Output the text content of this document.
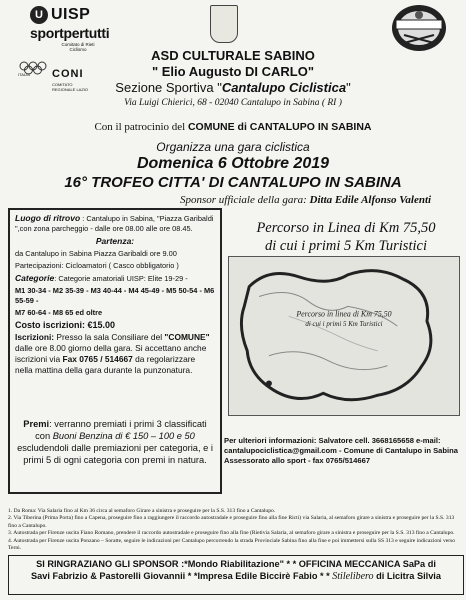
U UISP
sportpertutti
Comitato di Rieti Ciclismo
ITALIA CONI
COMITATO REGIONALE LAZIO
ASD CULTURALE SABINO
" Elio Augusto DI CARLO"
Sezione Sportiva "Cantalupo Ciclistica"
Via Luigi Chierici, 68 - 02040 Cantalupo in Sabina ( RI )
Con il patrocinio del COMUNE di CANTALUPO IN SABINA
Organizza una gara ciclistica
Domenica 6 Ottobre 2019
16° TROFEO CITTA' DI CANTALUPO IN SABINA
Sponsor ufficiale della gara: Ditta Edile Alfonso Valenti

Luogo di ritrovo : Cantalupo in Sabina, "Piazza Garibaldi ",con zona parcheggio - dalle ore 08.00 alle ore 08.45.

Partenza:

da Cantalupo in Sabina Piazza Garibaldi ore 9.00

Partecipazioni: Cicloamatori ( Casco obbligatorio )

Categorie: Categorie amatoriali UISP: Elite 19-29 -

M1 30-34 - M2 35-39 - M3 40-44 - M4 45-49 - M5 50-54 - M6 55-59 -

M7 60-64 - M8 65 ed oltre

Costo iscrizioni: €15.00

Iscrizioni: Presso la sala Consiliare del "COMUNE" dalle ore 8.00 giorno della gara. Si accettano anche iscrizioni via Fax 0765 / 514667 da regolarizzare nella mattina della gara durante la punzonatura.

Premi: verranno premiati i primi 3 classificati con Buoni Benzina di € 150 – 100 e 50 escludendoli dalle premiazioni per categoria, e i primi 5 di ogni categoria con premi in natura.
Percorso in Linea di Km 75,50
di cui i primi 5 Km Turistici
Percorso in linea di Km 75,50
di cui i primi 5 Km Turistici
Per ulteriori informazioni: Salvatore cell. 3668165658 e-mail: cantalupociclistica@gmail.com - Comune di Cantalupo in Sabina Assessorato allo sport - fax 0765/514667
1. Da Roma: Via Salaria fino al Km 36 circa al semaforo Girare a sinistra e proseguire per la S.S. 313 fino a Cantalupo.
2. Via Tiberina (Prima Porta) fino a Capena, proseguire fino a raggiungere il raccordo autostradale e proseguire fino alla fine Ricti) via Salaria, al semaforo girare a sinistra e proseguire per la S.S. 313 fino a Cantalupo.
3. Autostrada per Firenze uscita Fiano Romano, prendere il raccordo autostradale e proseguire fino alla fine (Rietivia Salaria, al semaforo girare a sinistra e proseguire per la S.S. 313 fino a Cantalupo.
4. Autostrada per Firenze uscita Ponzano – Soratte, seguire le indicazioni per Cantalupo percorrendo la strada Provinciale Sabina fino alla fine e poi immettersi sulla SS 313 e seguire indicazioni verso Terni.
SI RINGRAZIANO GLI SPONSOR :*Mondo Riabilitazione" * * OFFICINA MECCANICA SaPa di
Savi Fabrizio & Pastorelli Giovannii * *Impresa Edile Biccirè Fabio * * Stilelibero di Licitra Silvia
